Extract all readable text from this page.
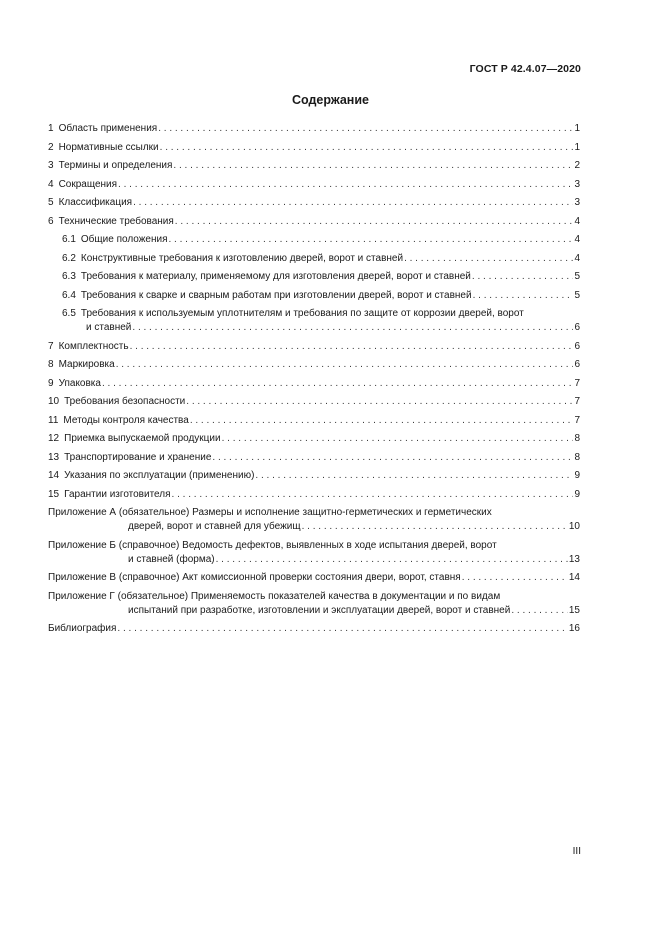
ГОСТ Р 42.4.07—2020
Содержание
1 Область применения . . .	1
2 Нормативные ссылки . . .	1
3 Термины и определения . . .	2
4 Сокращения . . .	3
5 Классификация . . .	3
6 Технические требования . . .	4
6.1 Общие положения . . .	4
6.2 Конструктивные требования к изготовлению дверей, ворот и ставней . . .	4
6.3 Требования к материалу, применяемому для изготовления дверей, ворот и ставней . . .	5
6.4 Требования к сварке и сварным работам при изготовлении дверей, ворот и ставней . . .	5
6.5 Требования к используемым уплотнителям и требования по защите от коррозии дверей, ворот
и ставней . . .	6
7 Комплектность . . .	6
8 Маркировка . . .	6
9 Упаковка . . .	7
10 Требования безопасности . . .	7
11 Методы контроля качества . . .	7
12 Приемка выпускаемой продукции . . .	8
13 Транспортирование и хранение . . .	8
14 Указания по эксплуатации (применению) . . .	9
15 Гарантии изготовителя . . .	9
Приложение А (обязательное) Размеры и исполнение защитно-герметических и герметических
дверей, ворот и ставней для убежищ . . .	10
Приложение Б (справочное) Ведомость дефектов, выявленных в ходе испытания дверей, ворот
и ставней (форма) . . .	13
Приложение В (справочное) Акт комиссионной проверки состояния двери, ворот, ставня . . .	14
Приложение Г (обязательное) Применяемость показателей качества в документации и по видам
испытаний при разработке, изготовлении и эксплуатации дверей, ворот и ставней . . .	15
Библиография . . .	16
III
